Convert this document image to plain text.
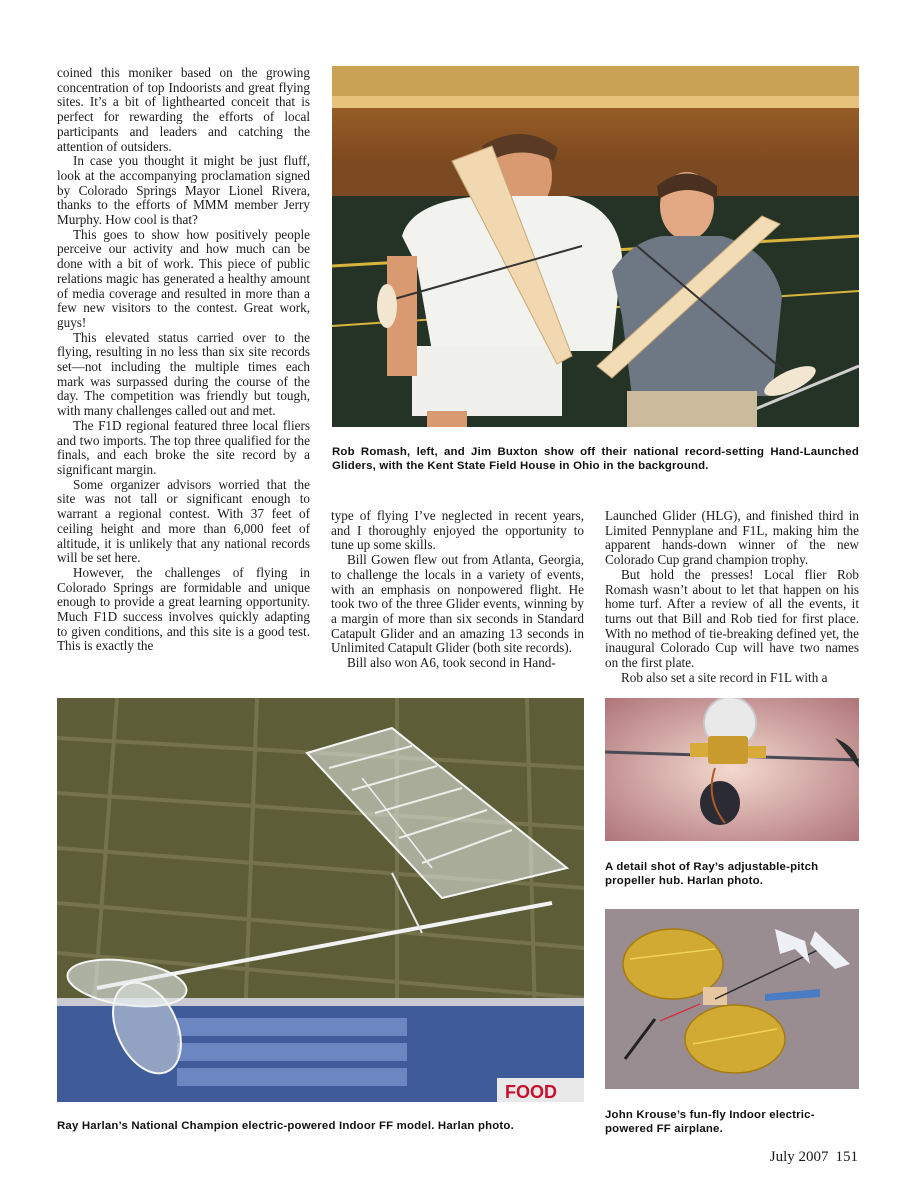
coined this moniker based on the growing concentration of top Indoorists and great flying sites. It’s a bit of lighthearted conceit that is perfect for rewarding the efforts of local participants and leaders and catching the attention of outsiders.

In case you thought it might be just fluff, look at the accompanying proclamation signed by Colorado Springs Mayor Lionel Rivera, thanks to the efforts of MMM member Jerry Murphy. How cool is that?

This goes to show how positively people perceive our activity and how much can be done with a bit of work. This piece of public relations magic has generated a healthy amount of media coverage and resulted in more than a few new visitors to the contest. Great work, guys!

This elevated status carried over to the flying, resulting in no less than six site records set—not including the multiple times each mark was surpassed during the course of the day. The competition was friendly but tough, with many challenges called out and met.

The F1D regional featured three local fliers and two imports. The top three qualified for the finals, and each broke the site record by a significant margin.

Some organizer advisors worried that the site was not tall or significant enough to warrant a regional contest. With 37 feet of ceiling height and more than 6,000 feet of altitude, it is unlikely that any national records will be set here.

However, the challenges of flying in Colorado Springs are formidable and unique enough to provide a great learning opportunity. Much F1D success involves quickly adapting to given conditions, and this site is a good test. This is exactly the

Rob Romash, left, and Jim Buxton show off their national record-setting Hand-Launched Gliders, with the Kent State Field House in Ohio in the background.

type of flying I’ve neglected in recent years, and I thoroughly enjoyed the opportunity to tune up some skills.

Bill Gowen flew out from Atlanta, Georgia, to challenge the locals in a variety of events, with an emphasis on nonpowered flight. He took two of the three Glider events, winning by a margin of more than six seconds in Standard Catapult Glider and an amazing 13 seconds in Unlimited Catapult Glider (both site records).

Bill also won A6, took second in Hand-

Launched Glider (HLG), and finished third in Limited Pennyplane and F1L, making him the apparent hands-down winner of the new Colorado Cup grand champion trophy.

But hold the presses! Local flier Rob Romash wasn’t about to let that happen on his home turf. After a review of all the events, it turns out that Bill and Rob tied for first place. With no method of tie-breaking defined yet, the inaugural Colorado Cup will have two names on the first plate.

Rob also set a site record in F1L with a

FOOD
Ray Harlan’s National Champion electric-powered Indoor FF model. Harlan photo.
A detail shot of Ray’s adjustable-pitch propeller hub. Harlan photo.
John Krouse’s fun-fly Indoor electric-powered FF airplane.
July 2007 151
